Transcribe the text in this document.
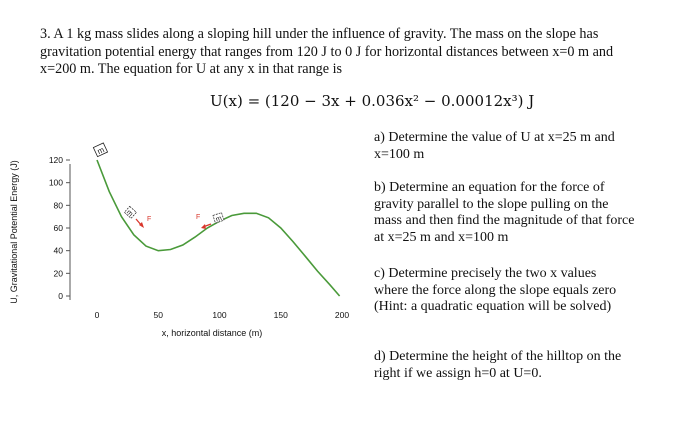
3. A 1 kg mass slides along a sloping hill under the influence of gravity. The mass on the slope has

gravitation potential energy that ranges from 120 J to 0 J for horizontal distances between x=0 m and

x=200 m. The equation for U at any x in that range is

U(x) = (120 − 3x + 0.036x² − 0.00012x³) J

a) Determine the value of U at x=25 m and

x=100 m

b) Determine an equation for the force of

gravity parallel to the slope pulling on the

mass and then find the magnitude of that force

at x=25 m and x=100 m

c) Determine precisely the two x values

where the force along the slope equals zero

(Hint: a quadratic equation will be solved)

d) Determine the height of the hilltop on the

right if we assign h=0 at U=0.

0
20
40
60
80
100
120
0	50	100	150	200
U, Gravitational Potential Energy (J)
x, horizontal distance (m)
m
m
F	m
F
